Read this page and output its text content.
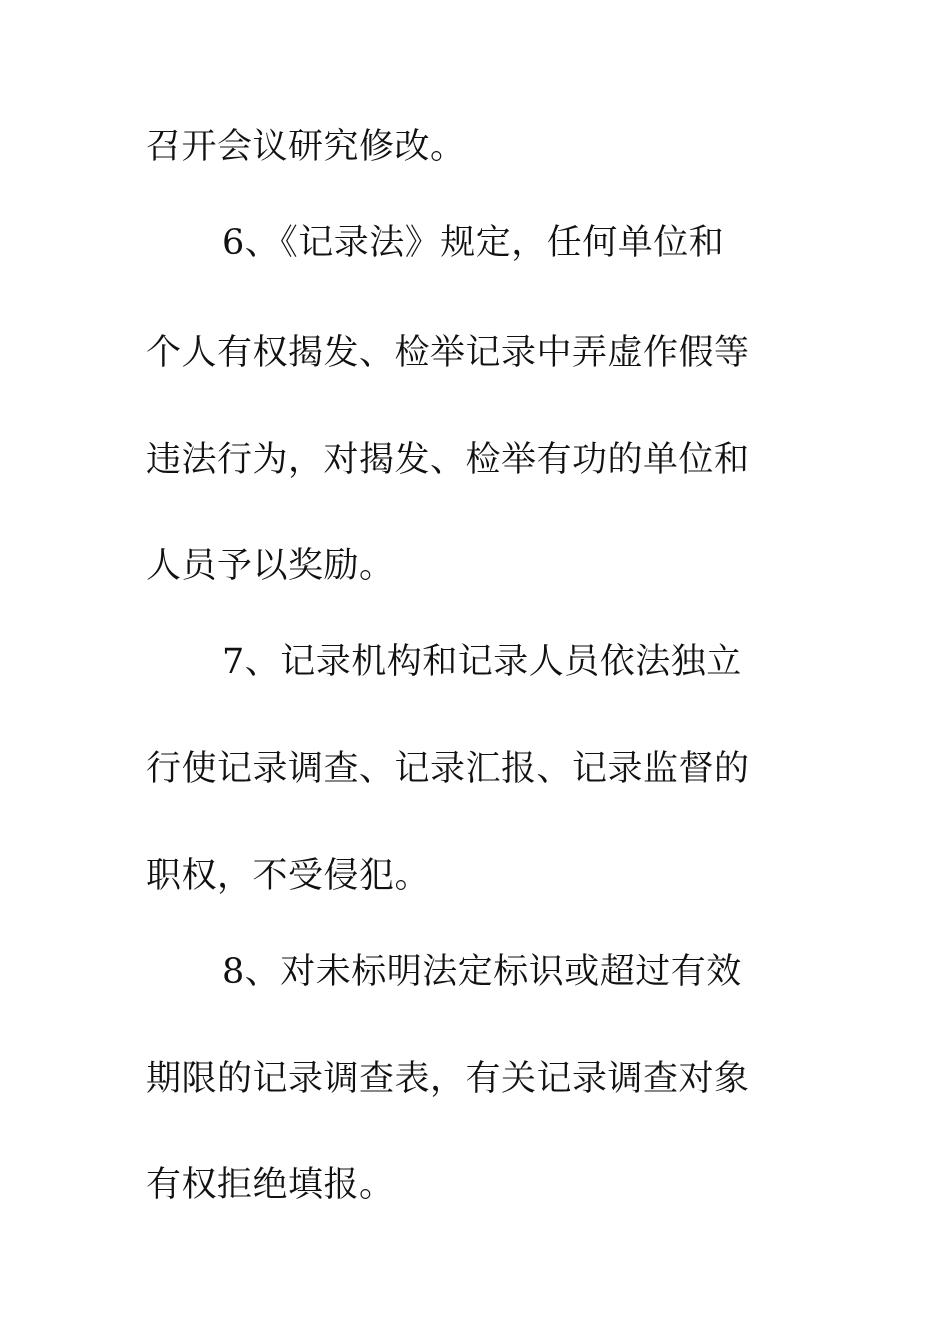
召开会议研究修改。
6、《记录法》规定，任何单位和
个人有权揭发、检举记录中弄虚作假等
违法行为，对揭发、检举有功的单位和
人员予以奖励。
7、记录机构和记录人员依法独立
行使记录调查、记录汇报、记录监督的
职权，不受侵犯。
8、对未标明法定标识或超过有效
期限的记录调查表，有关记录调查对象
有权拒绝填报。
